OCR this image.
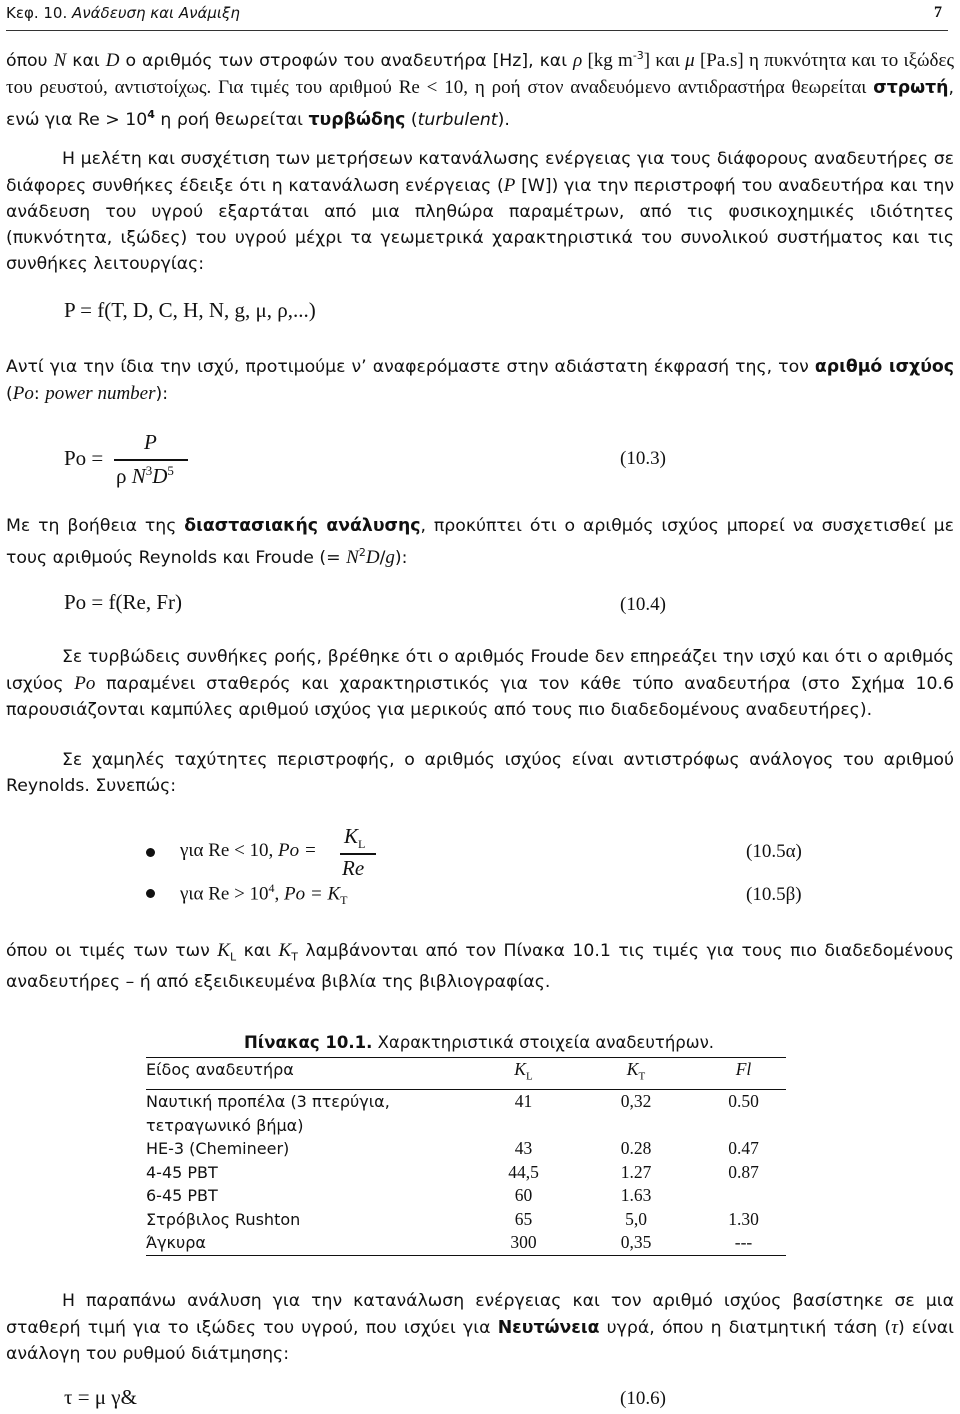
Κεφ. 10. Ανάδευση και Ανάμιξη	7
όπου N και D ο αριθμός των στροφών του αναδευτήρα [Hz], και ρ [kg $m^{-3}$] και μ [Pa.s] η πυκνότητα και το ιξώδες του ρευστού, αντιστοίχως. Για τιμές του αριθμού Re < 10, η ροή στον αναδευόμενο αντιδραστήρα θεωρείται στρωτή, ενώ για $Re > 10^4$ η ροή θεωρείται τυρβώδης (turbulent).
Η μελέτη και συσχέτιση των μετρήσεων κατανάλωσης ενέργειας για τους διάφορους αναδευτήρες σε διάφορες συνθήκες έδειξε ότι η κατανάλωση ενέργειας (P [W]) για την περιστροφή του αναδευτήρα και την ανάδευση του υγρού εξαρτάται από μια πληθώρα παραμέτρων, από τις φυσικοχημικές ιδιότητες (πυκνότητα, ιξώδες) του υγρού μέχρι τα γεωμετρικά χαρακτηριστικά του συνολικού συστήματος και τις συνθήκες λειτουργίας:
P = f(T, D, C, H, N, g, μ, ρ,...)
Αντί για την ίδια την ισχύ, προτιμούμε ν’ αναφερόμαστε στην αδιάστατη έκφρασή της, τον αριθμό ισχύος (Po: power number):
Po =
P
ρ $N^3D^5$
(10.3)
Με τη βοήθεια της διαστασιακής ανάλυσης, προκύπτει ότι ο αριθμός ισχύος μπορεί να συσχετισθεί με τους αριθμούς Reynolds και Froude (= $N^2D/g$):
Po = f(Re, Fr)	(10.4)
Σε τυρβώδεις συνθήκες ροής, βρέθηκε ότι ο αριθμός Froude δεν επηρεάζει την ισχύ και ότι ο αριθμός ισχύος Po παραμένει σταθερός και χαρακτηριστικός για τον κάθε τύπο αναδευτήρα (στο Σχήμα 10.6 παρουσιάζονται καμπύλες αριθμού ισχύος για μερικούς από τους πιο διαδεδομένους αναδευτήρες).
Σε χαμηλές ταχύτητες περιστροφής, ο αριθμός ισχύος είναι αντιστρόφως ανάλογος του αριθμού Reynolds. Συνεπώς:
για Re < 10, Po =
$K_L$
Re
(10.5α)
για $Re > 10^4$, $Po = K_T$	(10.5β)
όπου οι τιμές των των $K_L$ και $K_T$ λαμβάνονται από τον Πίνακα 10.1 τις τιμές για τους πιο διαδεδομένους αναδευτήρες – ή από εξειδικευμένα βιβλία της βιβλιογραφίας.
Πίνακας 10.1. Χαρακτηριστικά στοιχεία αναδευτήρων.
Είδος αναδευτήρα	$K_L$	$K_T$	Fl
Ναυτική προπέλα (3 πτερύγια, τετραγωνικό βήμα)	41	0,32	0.50
HE-3 (Chemineer)	43	0.28	0.47
4-45 PBT	44,5	1.27	0.87
6-45 PBT	60	1.63	
Στρόβιλος Rushton	65	5,0	1.30
Άγκυρα	300	0,35	---
Η παραπάνω ανάλυση για την κατανάλωση ενέργειας και τον αριθμό ισχύος βασίστηκε σε μια σταθερή τιμή για το ιξώδες του υγρού, που ισχύει για Νευτώνεια υγρά, όπου η διατμητική τάση (τ) είναι ανάλογη του ρυθμού διάτμησης:
τ = μ γ&	(10.6)
